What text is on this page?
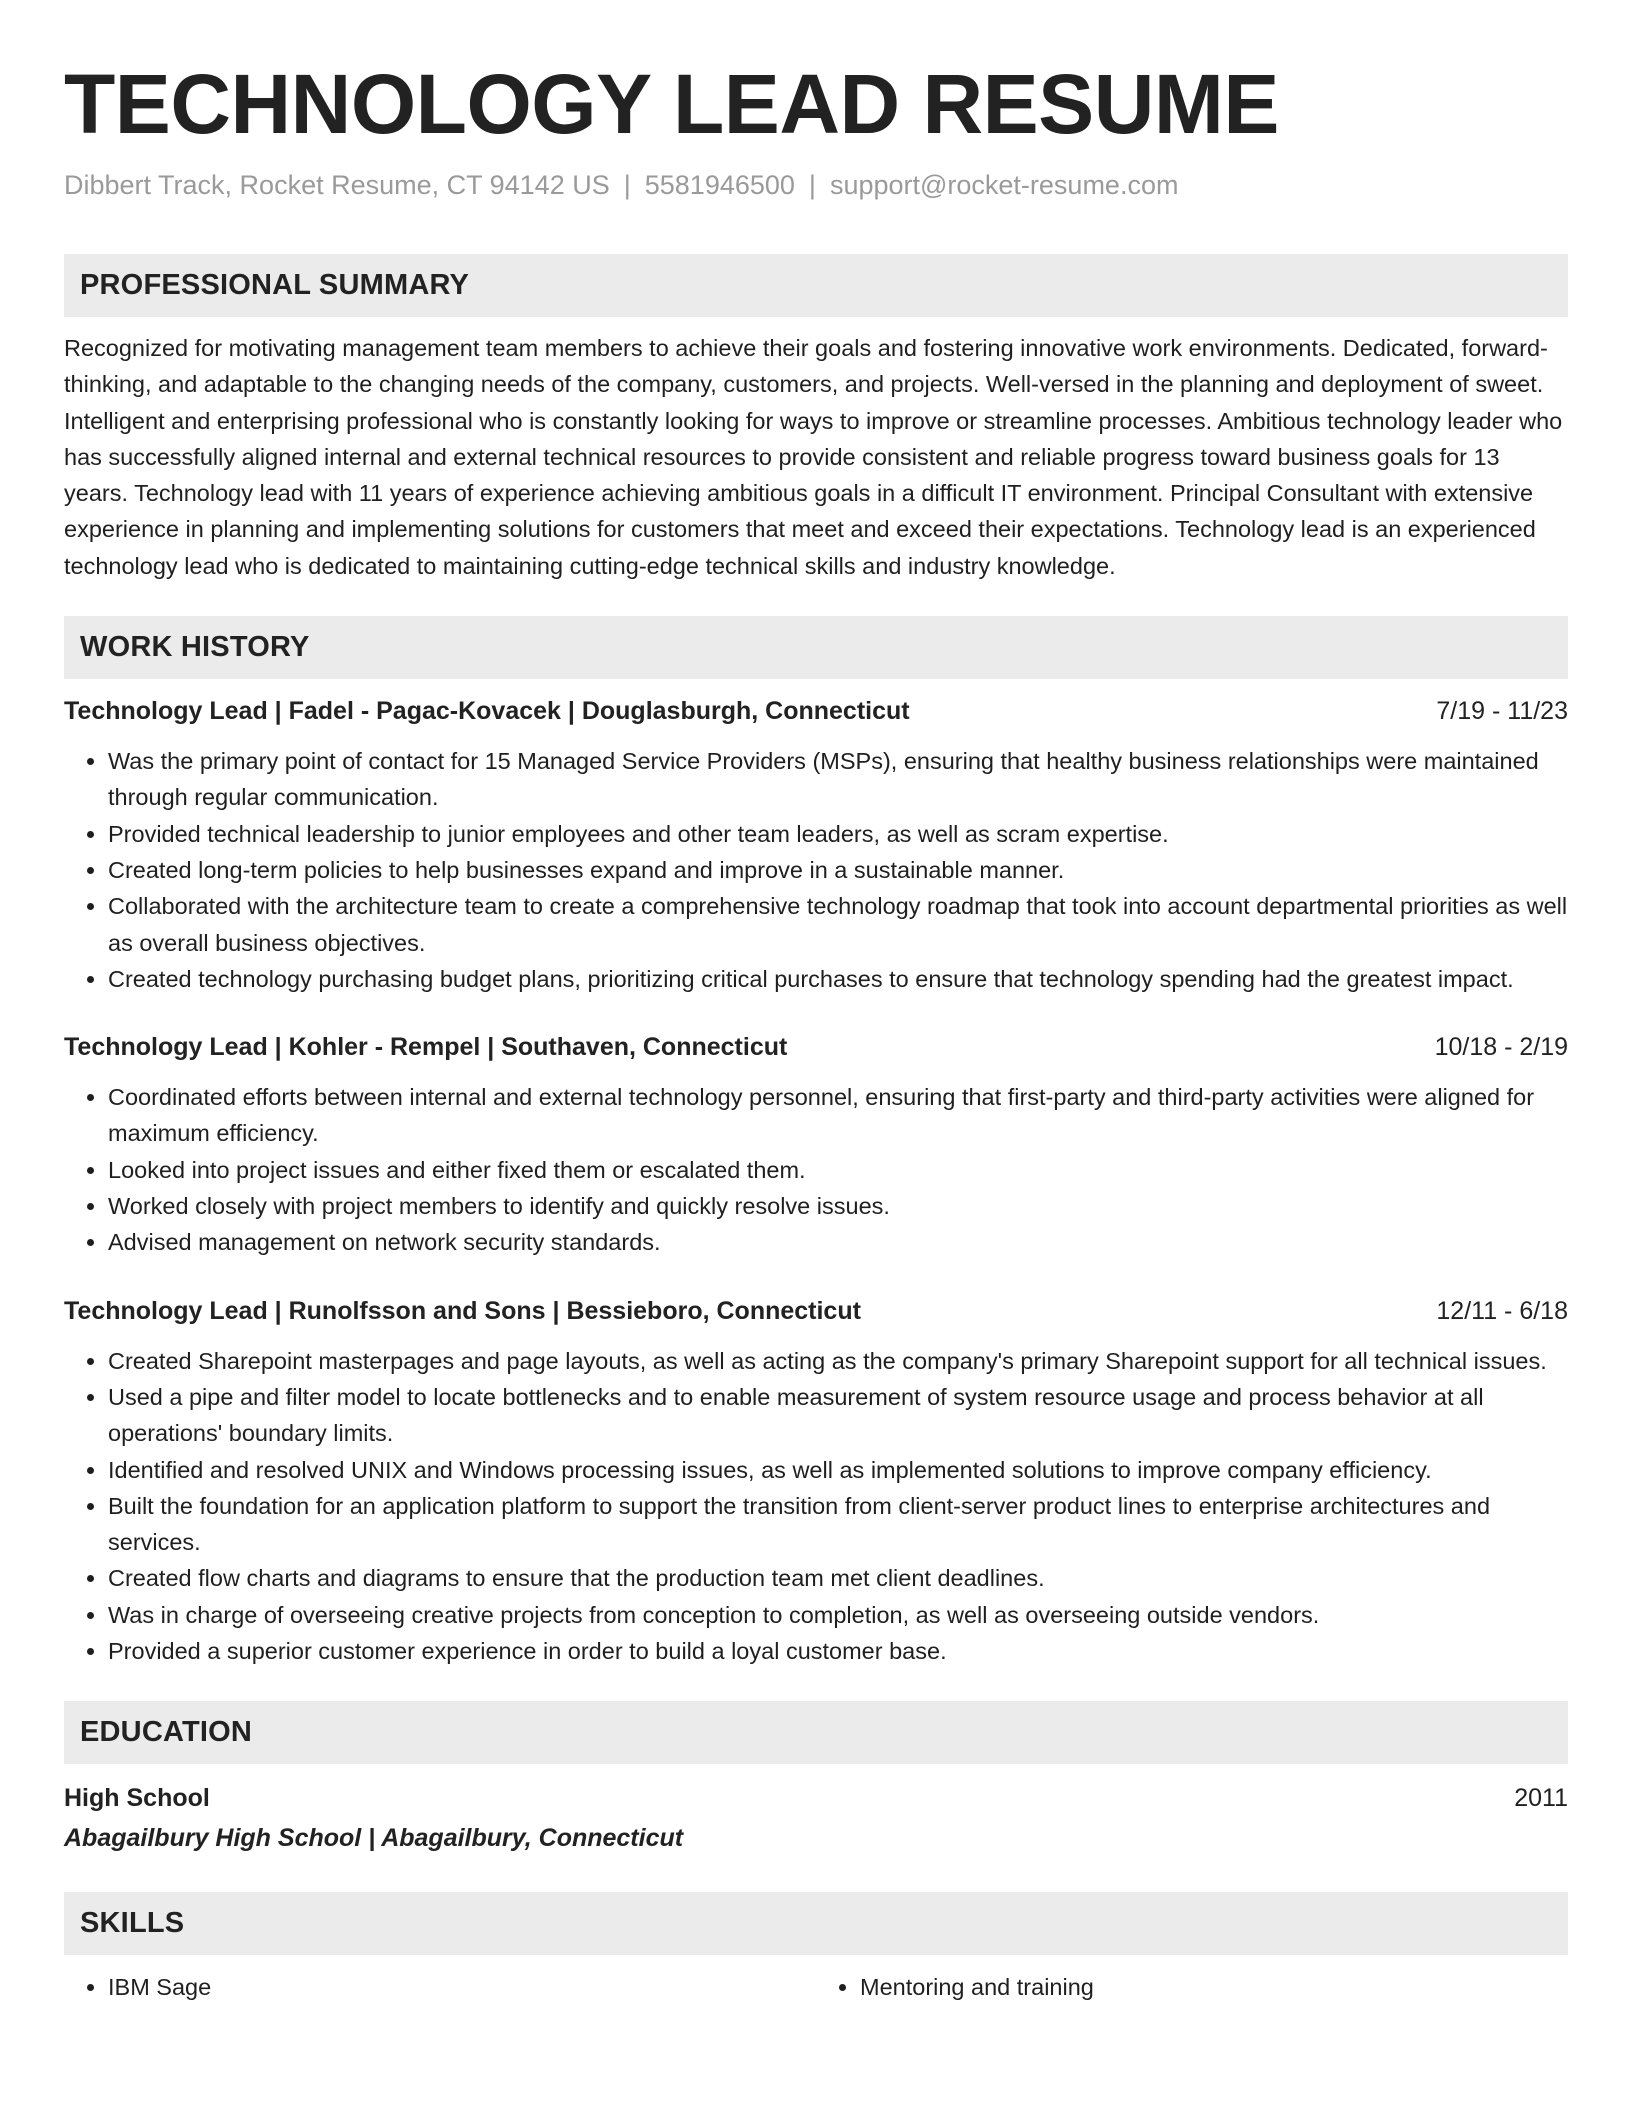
TECHNOLOGY LEAD RESUME
Dibbert Track, Rocket Resume, CT 94142 US | 5581946500 | support@rocket-resume.com
PROFESSIONAL SUMMARY
Recognized for motivating management team members to achieve their goals and fostering innovative work environments. Dedicated, forward-thinking, and adaptable to the changing needs of the company, customers, and projects. Well-versed in the planning and deployment of sweet. Intelligent and enterprising professional who is constantly looking for ways to improve or streamline processes. Ambitious technology leader who has successfully aligned internal and external technical resources to provide consistent and reliable progress toward business goals for 13 years. Technology lead with 11 years of experience achieving ambitious goals in a difficult IT environment. Principal Consultant with extensive experience in planning and implementing solutions for customers that meet and exceed their expectations. Technology lead is an experienced technology lead who is dedicated to maintaining cutting-edge technical skills and industry knowledge.
WORK HISTORY
Technology Lead | Fadel - Pagac-Kovacek | Douglasburgh, Connecticut	7/19 - 11/23
• Was the primary point of contact for 15 Managed Service Providers (MSPs), ensuring that healthy business relationships were maintained through regular communication.
• Provided technical leadership to junior employees and other team leaders, as well as scram expertise.
• Created long-term policies to help businesses expand and improve in a sustainable manner.
• Collaborated with the architecture team to create a comprehensive technology roadmap that took into account departmental priorities as well as overall business objectives.
• Created technology purchasing budget plans, prioritizing critical purchases to ensure that technology spending had the greatest impact.
Technology Lead | Kohler - Rempel | Southaven, Connecticut	10/18 - 2/19
• Coordinated efforts between internal and external technology personnel, ensuring that first-party and third-party activities were aligned for maximum efficiency.
• Looked into project issues and either fixed them or escalated them.
• Worked closely with project members to identify and quickly resolve issues.
• Advised management on network security standards.
Technology Lead | Runolfsson and Sons | Bessieboro, Connecticut	12/11 - 6/18
• Created Sharepoint masterpages and page layouts, as well as acting as the company's primary Sharepoint support for all technical issues.
• Used a pipe and filter model to locate bottlenecks and to enable measurement of system resource usage and process behavior at all operations' boundary limits.
• Identified and resolved UNIX and Windows processing issues, as well as implemented solutions to improve company efficiency.
• Built the foundation for an application platform to support the transition from client-server product lines to enterprise architectures and services.
• Created flow charts and diagrams to ensure that the production team met client deadlines.
• Was in charge of overseeing creative projects from conception to completion, as well as overseeing outside vendors.
• Provided a superior customer experience in order to build a loyal customer base.
EDUCATION
High School	2011
Abagailbury High School | Abagailbury, Connecticut
SKILLS
• IBM Sage
•	Mentoring and training
